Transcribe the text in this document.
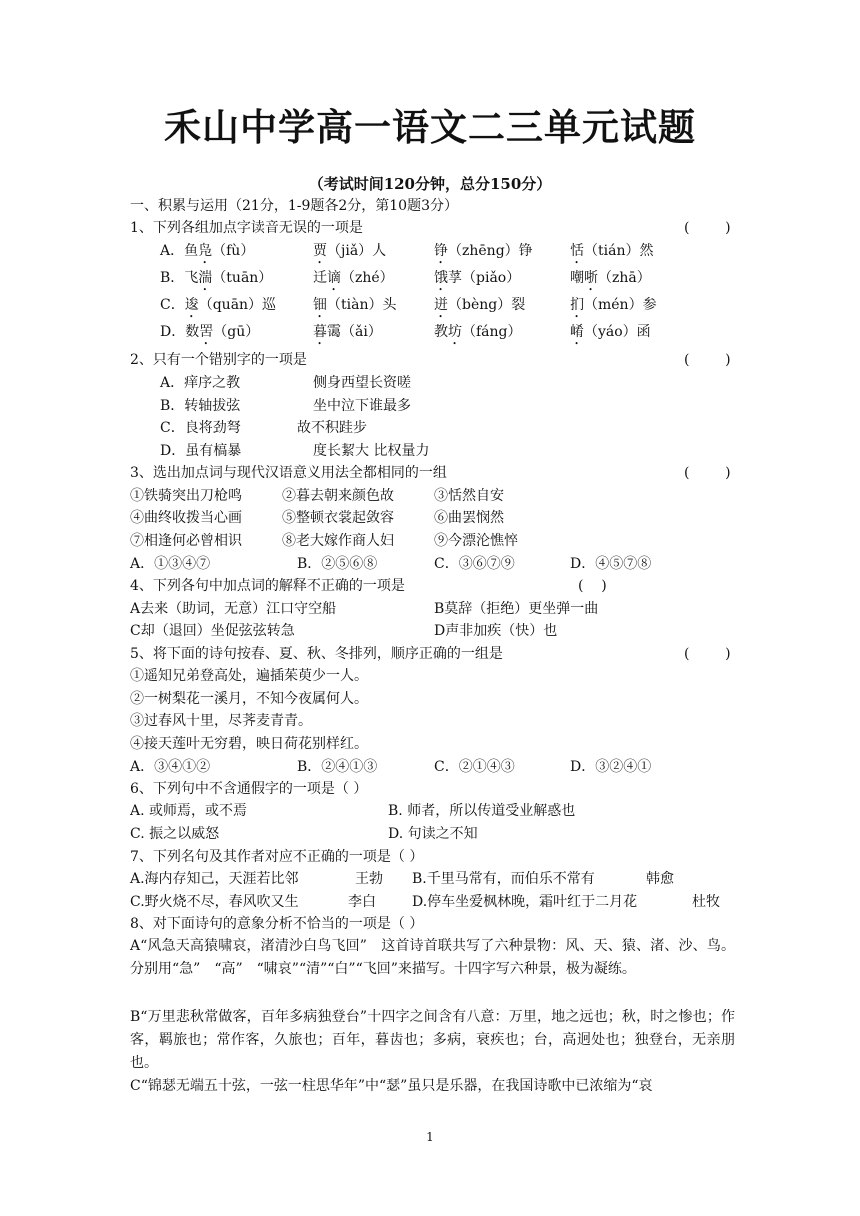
禾山中学高一语文二三单元试题
（考试时间120分钟，总分150分）
一、积累与运用（21分，1-9题各2分，第10题3分）
1、下列各组加点字读音无误的一项是	(        )
A．鱼凫（fù）	贾（jiǎ）人	铮（zhēng）铮	恬（tián）然
B．飞湍（tuān）	迁谪（zhé）	饿莩（piǎo）	嘲哳（zhā）
C．逡（quān）巡	钿（tiàn）头	迸（bèng）裂	扪（mén）参
D．数罟（gū）	暮霭（ǎi）	教坊（fáng）	崤（yáo）函
2、只有一个错别字的一项是	(        )
A．痒序之教	侧身西望长资嗟
B．转轴拔弦	坐中泣下谁最多
C．良将劲弩	故不积跬步
D．虽有槁暴	度长絜大 比权量力
3、选出加点词与现代汉语意义用法全都相同的一组	(        )
①铁骑突出刀枪鸣	②暮去朝来颜色故	③恬然自安
④曲终收拨当心画	⑤整顿衣裳起敛容	⑥曲罢悯然
⑦相逢何必曾相识	⑧老大嫁作商人妇	⑨今漂沦憔悴
A．①③④⑦	B．②⑤⑥⑧	C．③⑥⑦⑨	D．④⑤⑦⑧
4、下列各句中加点词的解释不正确的一项是	(    )
A去来（助词，无意）江口守空船	B莫辞（拒绝）更坐弹一曲
C却（退回）坐促弦弦转急	D声非加疾（快）也
5、将下面的诗句按春、夏、秋、冬排列，顺序正确的一组是	(        )
①遥知兄弟登高处，遍插茱萸少一人。
②一树梨花一溪月，不知今夜属何人。
③过春风十里，尽荠麦青青。
④接天莲叶无穷碧，映日荷花别样红。
A．③④①②	B．②④①③	C．②①④③	D．③②④①
6、下列句中不含通假字的一项是（ ）
A. 或师焉，或不焉	B. 师者，所以传道受业解惑也
C. 振之以威怒	D. 句读之不知
7、下列名句及其作者对应不正确的一项是（ ）
A.海内存知己，天涯若比邻	王勃 B.千里马常有，而伯乐不常有	韩愈
C.野火烧不尽，春风吹又生	李白	D.停车坐爱枫林晚，霜叶红于二月花	杜牧
8、对下面诗句的意象分析不恰当的一项是（ ）
A“风急天高猿啸哀，渚清沙白鸟飞回”　这首诗首联共写了六种景物：风、天、猿、渚、沙、鸟。分别用“急”　“高”　“啸哀”“清”“白”“飞回”来描写。十四字写六种景，极为凝练。
B“万里悲秋常做客，百年多病独登台”十四字之间含有八意：万里，地之远也；秋，时之惨也；作客，羁旅也；常作客，久旅也；百年，暮齿也；多病，衰疾也；台，高迥处也；独登台，无亲朋也。
C“锦瑟无端五十弦，一弦一柱思华年”中“瑟”虽只是乐器，在我国诗歌中已浓缩为“哀
1
